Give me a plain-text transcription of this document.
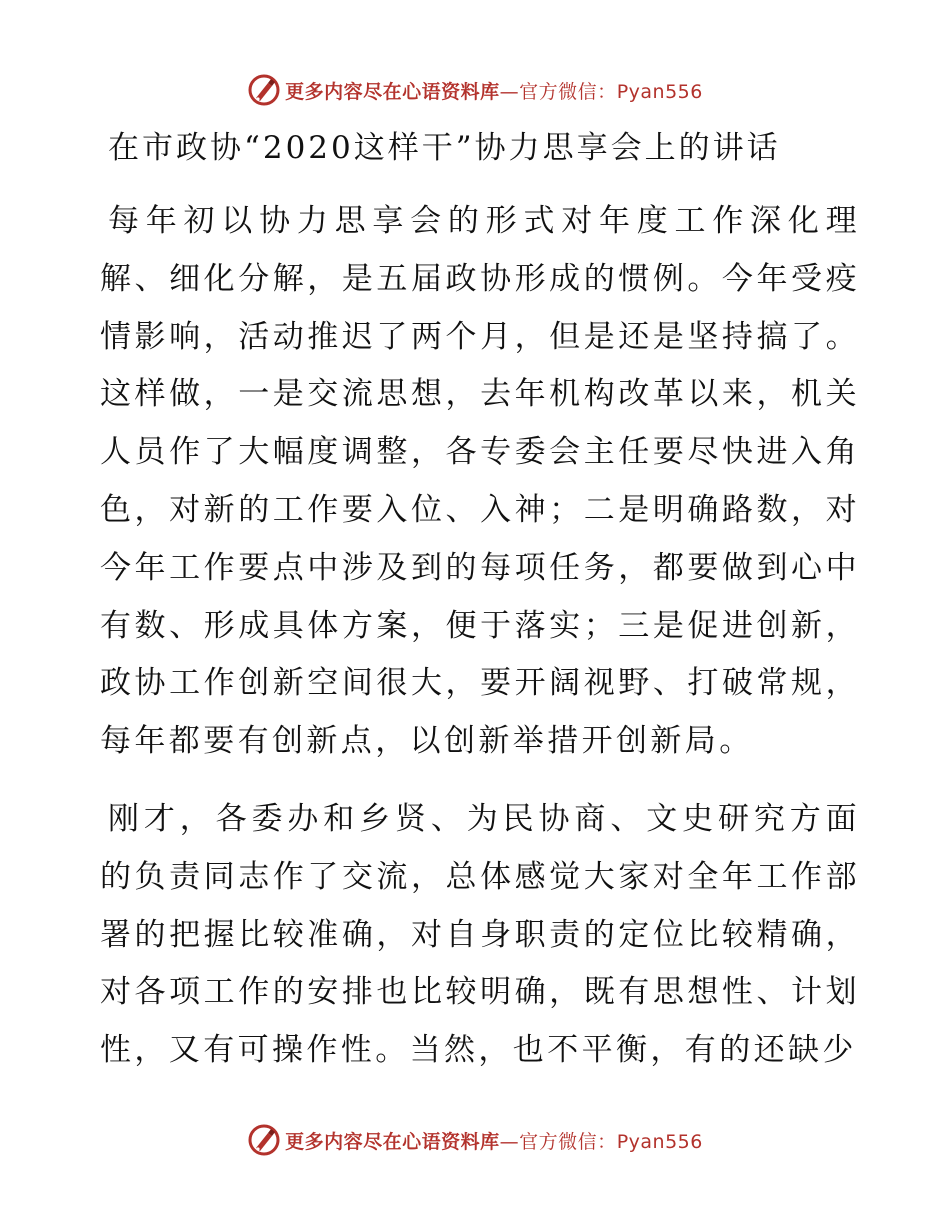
更多内容尽在心语资料库—官方微信：Pyan556
在市政协“2020这样干”协力思享会上的讲话

每年初以协力思享会的形式对年度工作深化理解、细化分解，是五届政协形成的惯例。今年受疫情影响，活动推迟了两个月，但是还是坚持搞了。这样做，一是交流思想，去年机构改革以来，机关人员作了大幅度调整，各专委会主任要尽快进入角色，对新的工作要入位、入神；二是明确路数，对今年工作要点中涉及到的每项任务，都要做到心中有数、形成具体方案，便于落实；三是促进创新，政协工作创新空间很大，要开阔视野、打破常规，每年都要有创新点，以创新举措开创新局。

刚才，各委办和乡贤、为民协商、文史研究方面的负责同志作了交流，总体感觉大家对全年工作部署的把握比较准确，对自身职责的定位比较精确，对各项工作的安排也比较明确，既有思想性、计划性，又有可操作性。当然，也不平衡，有的还缺少

更多内容尽在心语资料库—官方微信：Pyan556
